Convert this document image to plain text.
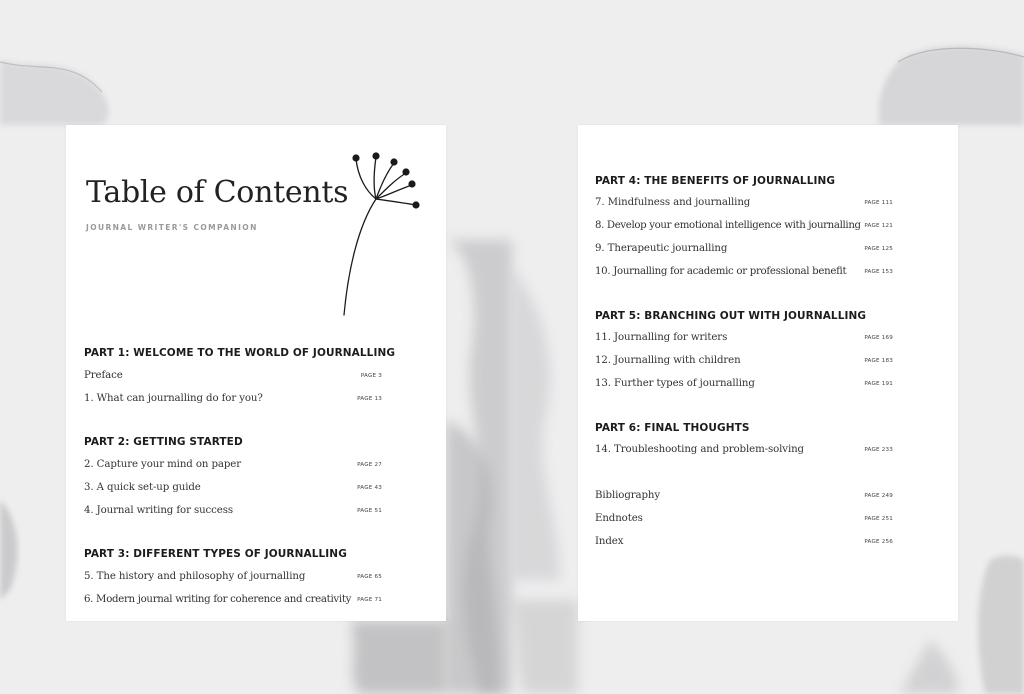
Table of Contents
JOURNAL WRITER'S COMPANION
PART 1: WELCOME TO THE WORLD OF JOURNALLING
Preface	PAGE 3
1. What can journalling do for you?	PAGE 13
PART 2: GETTING STARTED
2. Capture your mind on paper	PAGE 27
3. A quick set-up guide	PAGE 43
4. Journal writing for success	PAGE 51
PART 3: DIFFERENT TYPES OF JOURNALLING
5. The history and philosophy of journalling	PAGE 65
6. Modern journal writing for coherence and creativity PAGE 71
PART 4: THE BENEFITS OF JOURNALLING
7. Mindfulness and journalling	PAGE 111
8. Develop your emotional intelligence with journalling PAGE 121
9. Therapeutic journalling	PAGE 125
10. Journalling for academic or professional benefit	PAGE 153
PART 5: BRANCHING OUT WITH JOURNALLING
11. Journalling for writers	PAGE 169
12. Journalling with children	PAGE 183
13. Further types of journalling	PAGE 191
PART 6: FINAL THOUGHTS
14. Troubleshooting and problem-solving	PAGE 233
Bibliography	PAGE 249
Endnotes	PAGE 251
Index	PAGE 256
